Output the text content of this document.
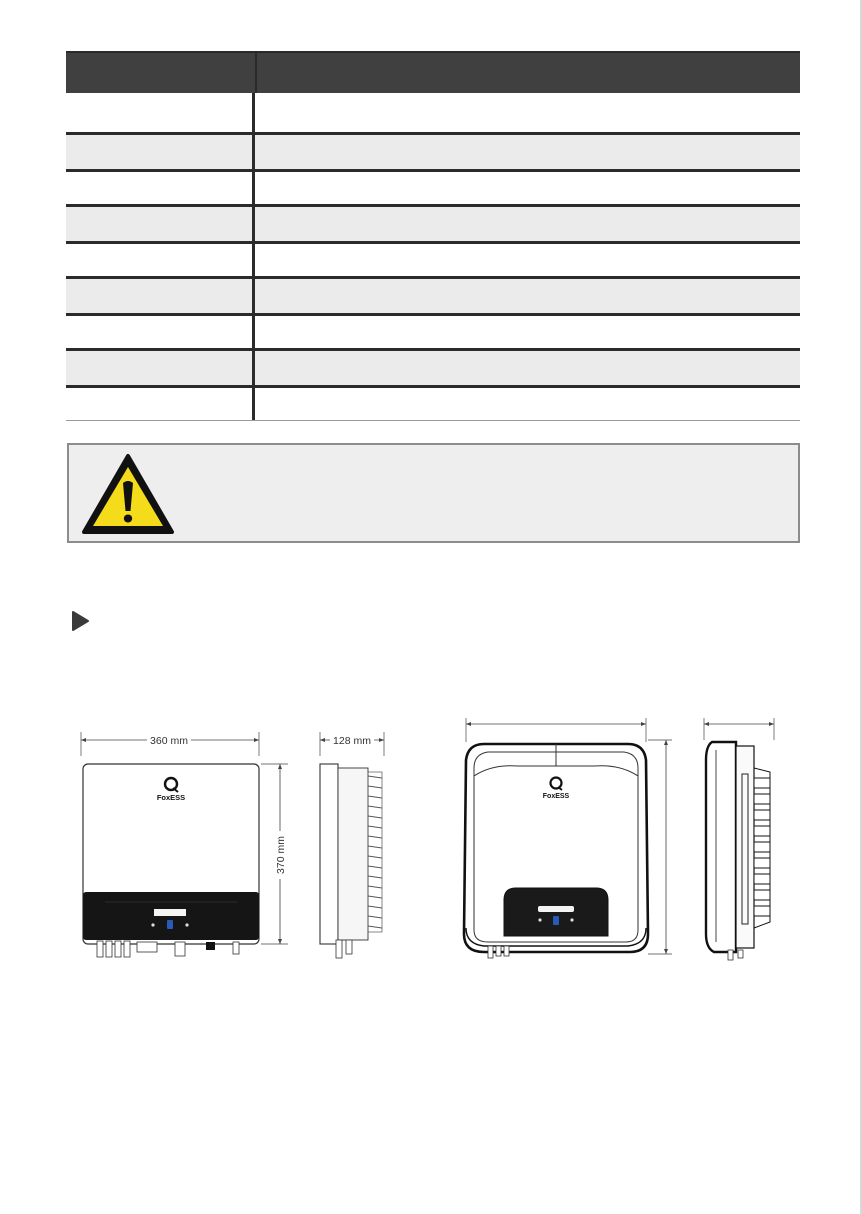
360 mm
370 mm
FoxESS
128 mm
FoxESS
